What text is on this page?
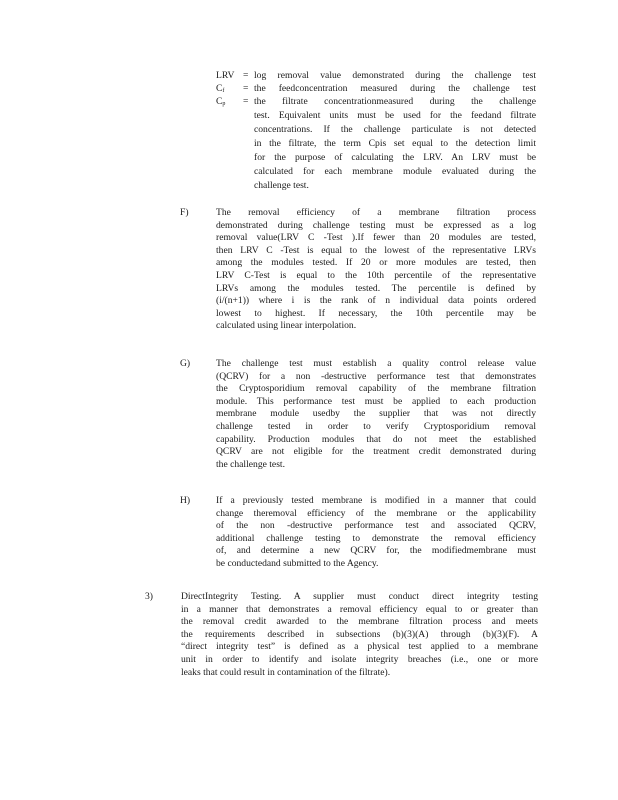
LRV = log removal value demonstrated during the challenge test
$C_f$ = the feedconcentration measured during the challenge test
$C_p$ = the filtrate concentrationmeasured during the challenge
test. Equivalent units must be used for the feedand filtrate
concentrations. If the challenge particulate is not detected
in the filtrate, the term Cpis set equal to the detection limit
for the purpose of calculating the LRV. An LRV must be
calculated for each membrane module evaluated during the
challenge test.
F)	The removal efficiency of a membrane filtration process
demonstrated during challenge testing must be expressed as a log
removal value(LRV C -Test ).If fewer than 20 modules are tested,
then LRV C -Test is equal to the lowest of the representative LRVs
among the modules tested. If 20 or more modules are tested, then
LRV C-Test is equal to the 10th percentile of the representative
LRVs among the modules tested. The percentile is defined by
(i/(n+1)) where i is the rank of n individual data points ordered
lowest to highest. If necessary, the 10th percentile may be
calculated using linear interpolation.
G)	The challenge test must establish a quality control release value
(QCRV) for a non -destructive performance test that demonstrates
the Cryptosporidium removal capability of the membrane filtration
module. This performance test must be applied to each production
membrane module usedby the supplier that was not directly
challenge tested in order to verify Cryptosporidium removal
capability. Production modules that do not meet the established
QCRV are not eligible for the treatment credit demonstrated during
the challenge test.
H)	If a previously tested membrane is modified in a manner that could
change theremoval efficiency of the membrane or the applicability
of the non -destructive performance test and associated QCRV,
additional challenge testing to demonstrate the removal efficiency
of, and determine a new QCRV for, the modifiedmembrane must
be conductedand submitted to the Agency.
3)	DirectIntegrity Testing. A supplier must conduct direct integrity testing
in a manner that demonstrates a removal efficiency equal to or greater than
the removal credit awarded to the membrane filtration process and meets
the requirements described in subsections (b)(3)(A) through (b)(3)(F). A
“direct integrity test” is defined as a physical test applied to a membrane
unit in order to identify and isolate integrity breaches (i.e., one or more
leaks that could result in contamination of the filtrate).
